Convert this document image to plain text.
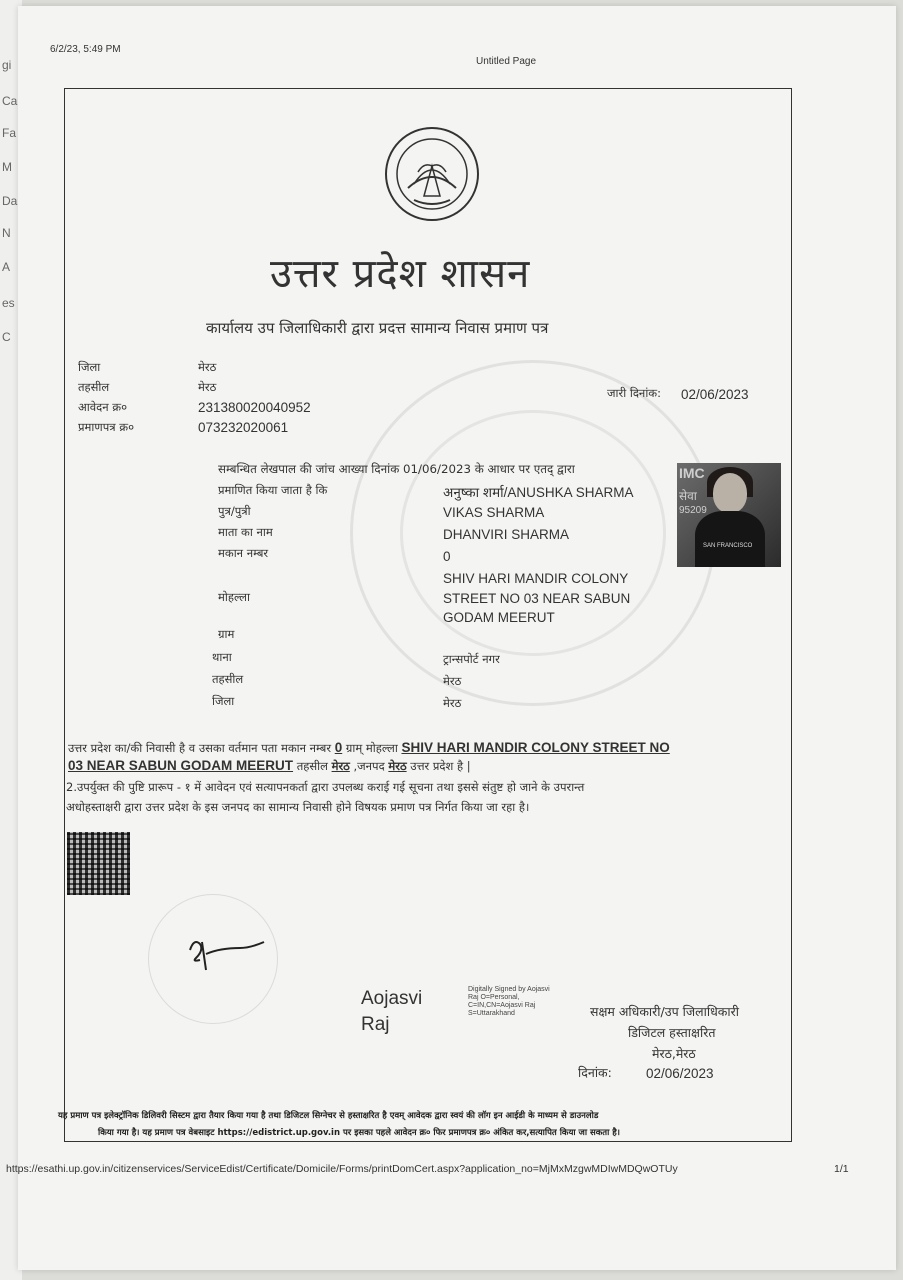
gi
Ca
Fa
M
Da
N
A
es
C
6/2/23, 5:49 PM
Untitled Page
उत्तर प्रदेश शासन
कार्यालय उप जिलाधिकारी द्वारा प्रदत्त सामान्य निवास प्रमाण पत्र
जिला	मेरठ
तहसील	मेरठ
आवेदन क्र०	231380020040952
प्रमाणपत्र क्र०	073232020061
जारी दिनांक: 02/06/2023
सम्बन्धित लेखपाल की जांच आख्या दिनांक 01/06/2023 के आधार पर एतद् द्वारा
प्रमाणित किया जाता है कि	अनुष्का शर्मा/ANUSHKA SHARMA
पुत्र/पुत्री	VIKAS SHARMA
माता का नाम	DHANVIRI SHARMA
मकान नम्बर	0
मोहल्ला
SHIV HARI MANDIR COLONY
STREET NO 03 NEAR SABUN
GODAM MEERUT
ग्राम
थाना	ट्रान्सपोर्ट नगर
तहसील	मेरठ
जिला	मेरठ
IMC
सेवा
95209
SAN FRANCISCO
उत्तर प्रदेश का/की निवासी है व उसका वर्तमान पता मकान नम्बर 0 ग्राम् मोहल्ला SHIV HARI MANDIR COLONY STREET NO
03 NEAR SABUN GODAM MEERUT तहसील मेरठ ,जनपद मेरठ उत्तर प्रदेश है |
2.उपर्युक्त की पुष्टि प्रारूप - १ में आवेदन एवं सत्यापनकर्ता द्वारा उपलब्ध कराई गई सूचना तथा इससे संतुष्ट हो जाने के उपरान्त
अधोहस्ताक्षरी द्वारा उत्तर प्रदेश के इस जनपद का सामान्य निवासी होने विषयक प्रमाण पत्र निर्गत किया जा रहा है।
Aojasvi
Raj
Digitally Signed by Aojasvi
Raj O=Personal,
C=IN,CN=Aojasvi Raj
S=Uttarakhand	सक्षम अधिकारी/उप जिलाधिकारी
डिजिटल हस्ताक्षरित
मेरठ,मेरठ
दिनांक:	02/06/2023
यह प्रमाण पत्र इलेक्ट्रॉनिक डिलिवरी सिस्टम द्वारा तैयार किया गया है तथा डिजिटल सिग्नेचर से हस्ताक्षरित है एवम् आवेदक द्वारा स्वयं की लॉग इन आईडी के माध्यम से डाउनलोड
किया गया है। यह प्रमाण पत्र वेबसाइट https://edistrict.up.gov.in पर इसका पहले आवेदन क्र० फिर प्रमाणपत्र क्र० अंकित कर,सत्यापित किया जा सकता है।
https://esathi.up.gov.in/citizenservices/ServiceEdist/Certificate/Domicile/Forms/printDomCert.aspx?application_no=MjMxMzgwMDIwMDQwOTUy	1/1
